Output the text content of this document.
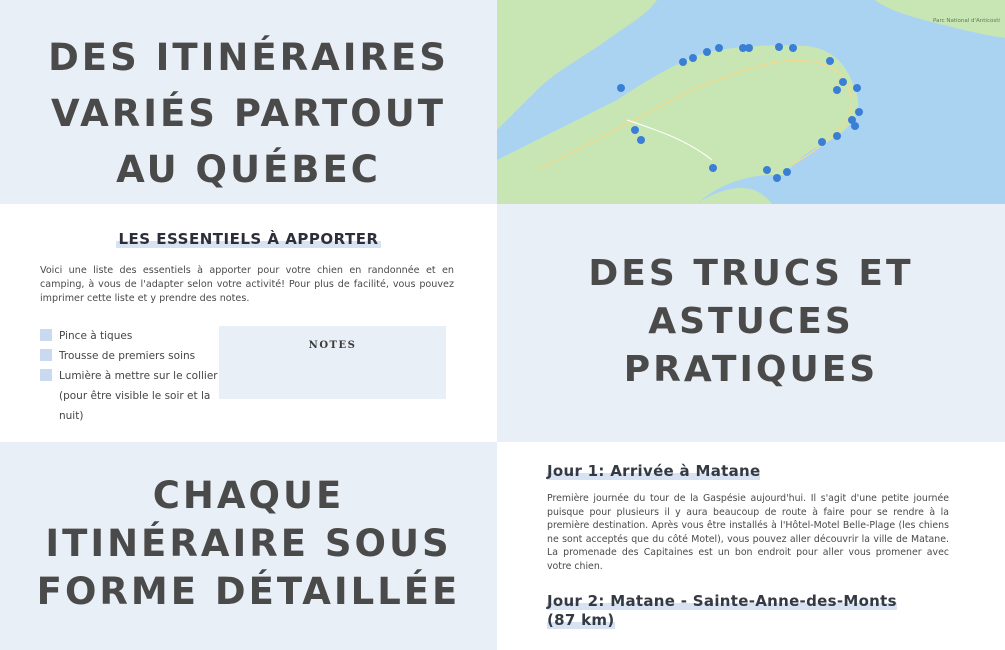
DES ITINÉRAIRES
VARIÉS PARTOUT
AU QUÉBEC
Parc National d'Anticosti
LES ESSENTIELS À APPORTER
Voici une liste des essentiels à apporter pour votre chien en randonnée et en camping, à vous de l'adapter selon votre activité! Pour plus de facilité, vous pouvez imprimer cette liste et y prendre des notes.
Pince à tiques
Trousse de premiers soins
Lumière à mettre sur le collier (pour être visible le soir et la nuit)
NOTES
DES TRUCS ET
ASTUCES
PRATIQUES
CHAQUE
ITINÉRAIRE SOUS
FORME DÉTAILLÉE
Jour 1: Arrivée à Matane
Première journée du tour de la Gaspésie aujourd'hui. Il s'agit d'une petite journée puisque pour plusieurs il y aura beaucoup de route à faire pour se rendre à la première destination. Après vous être installés à l'Hôtel-Motel Belle-Plage (les chiens ne sont acceptés que du côté Motel), vous pouvez aller découvrir la ville de Matane. La promenade des Capitaines est un bon endroit pour aller vous promener avec votre chien.
Jour 2: Matane - Sainte-Anne-des-Monts (87 km)
